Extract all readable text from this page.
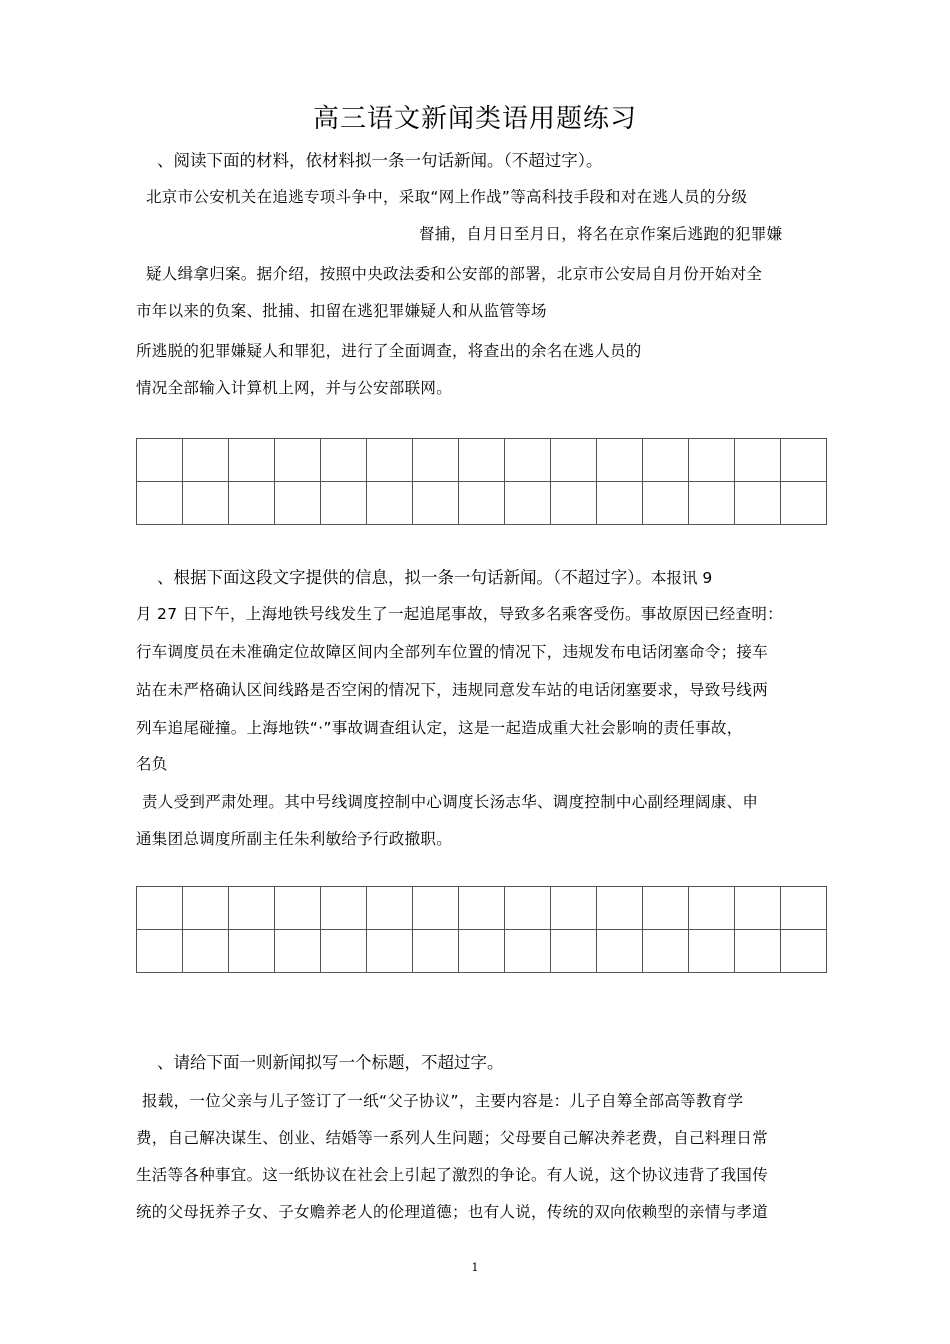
高三语文新闻类语用题练习
、阅读下面的材料，依材料拟一条一句话新闻。（不超过字）。
北京市公安机关在追逃专项斗争中，采取“网上作战”等高科技手段和对在逃人员的分级
督捕，自月日至月日，将名在京作案后逃跑的犯罪嫌
疑人缉拿归案。据介绍，按照中央政法委和公安部的部署，北京市公安局自月份开始对全
市年以来的负案、批捕、扣留在逃犯罪嫌疑人和从监管等场
所逃脱的犯罪嫌疑人和罪犯，进行了全面调查，将查出的余名在逃人员的
情况全部输入计算机上网，并与公安部联网。

、根据下面这段文字提供的信息，拟一条一句话新闻。（不超过字）。本报讯 9
月 27 日下午，上海地铁号线发生了一起追尾事故，导致多名乘客受伤。事故原因已经查明：
行车调度员在未准确定位故障区间内全部列车位置的情况下，违规发布电话闭塞命令；接车
站在未严格确认区间线路是否空闲的情况下，违规同意发车站的电话闭塞要求，导致号线两
列车追尾碰撞。上海地铁“·”事故调查组认定，这是一起造成重大社会影响的责任事故，
名负
责人受到严肃处理。其中号线调度控制中心调度长汤志华、调度控制中心副经理阔康、申
通集团总调度所副主任朱利敏给予行政撤职。

、请给下面一则新闻拟写一个标题，不超过字。
报载，一位父亲与儿子签订了一纸“父子协议”，主要内容是：儿子自筹全部高等教育学
费，自己解决谋生、创业、结婚等一系列人生问题；父母要自己解决养老费，自己料理日常
生活等各种事宜。这一纸协议在社会上引起了激烈的争论。有人说，这个协议违背了我国传
统的父母抚养子女、子女赡养老人的伦理道德；也有人说，传统的双向依赖型的亲情与孝道
1
